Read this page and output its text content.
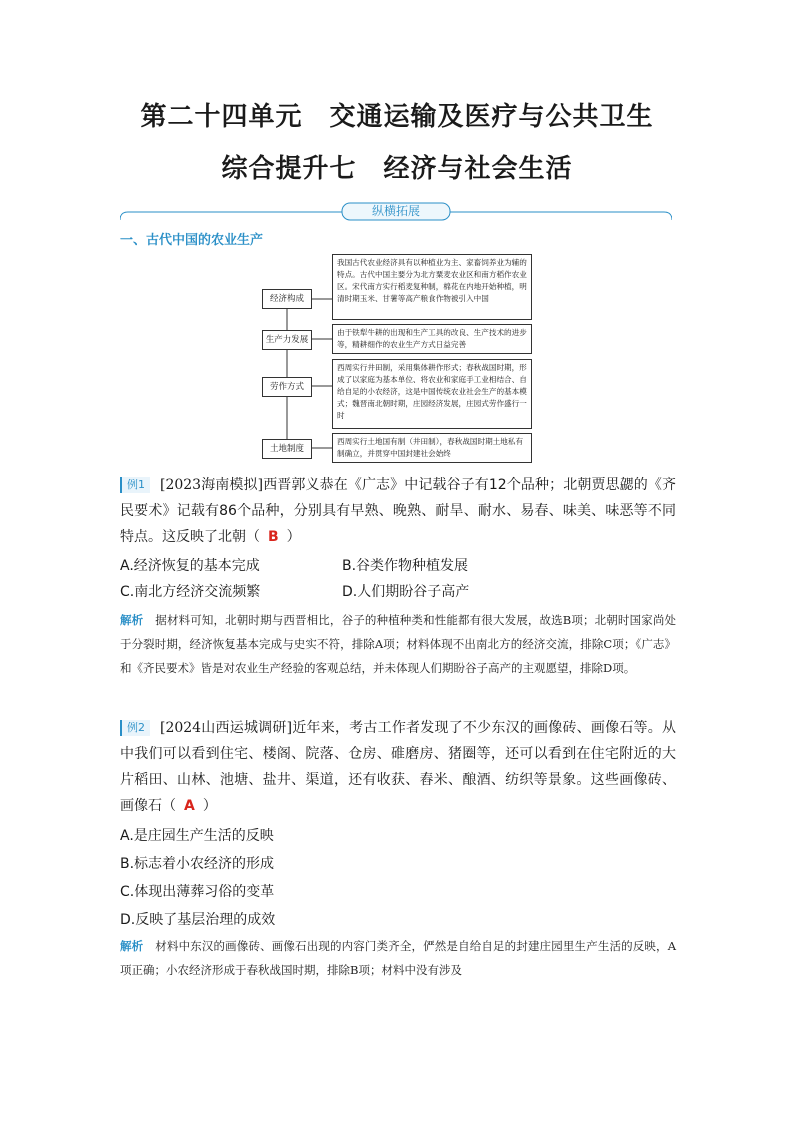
第二十四单元　交通运输及医疗与公共卫生
综合提升七　经济与社会生活
纵横拓展
一、古代中国的农业生产
经济构成
我国古代农业经济具有以种植业为主、家畜饲养业为辅的特点。古代中国主要分为北方粟麦农业区和南方稻作农业区。宋代南方实行稻麦复种制，棉花在内地开始种植，明清时期玉米、甘薯等高产粮食作物被引入中国
生产力发展
由于铁犁牛耕的出现和生产工具的改良、生产技术的进步等，精耕细作的农业生产方式日益完善
劳作方式
西周实行井田制，采用集体耕作形式；春秋战国时期，形成了以家庭为基本单位、将农业和家庭手工业相结合、自给自足的小农经济，这是中国传统农业社会生产的基本模式；魏晋南北朝时期，庄园经济发展，庄园式劳作盛行一时
土地制度
西周实行土地国有制（井田制），春秋战国时期土地私有制确立，并贯穿中国封建社会始终
例1 [2023海南模拟]西晋郭义恭在《广志》中记载谷子有12个品种；北朝贾思勰的《齐民要术》记载有86个品种，分别具有早熟、晚熟、耐旱、耐水、易春、味美、味恶等不同特点。这反映了北朝（ B ）
A.经济恢复的基本完成	B.谷类作物种植发展
C.南北方经济交流频繁	D.人们期盼谷子高产
解析 据材料可知，北朝时期与西晋相比，谷子的种植种类和性能都有很大发展，故选B项；北朝时国家尚处于分裂时期，经济恢复基本完成与史实不符，排除A项；材料体现不出南北方的经济交流，排除C项；《广志》和《齐民要术》皆是对农业生产经验的客观总结，并未体现人们期盼谷子高产的主观愿望，排除D项。
例2 [2024山西运城调研]近年来，考古工作者发现了不少东汉的画像砖、画像石等。从中我们可以看到住宅、楼阁、院落、仓房、碓磨房、猪圈等，还可以看到在住宅附近的大片稻田、山林、池塘、盐井、渠道，还有收获、舂米、酿酒、纺织等景象。这些画像砖、画像石（ A ）
A.是庄园生产生活的反映
B.标志着小农经济的形成
C.体现出薄葬习俗的变革
D.反映了基层治理的成效
解析 材料中东汉的画像砖、画像石出现的内容门类齐全，俨然是自给自足的封建庄园里生产生活的反映，A项正确；小农经济形成于春秋战国时期，排除B项；材料中没有涉及
